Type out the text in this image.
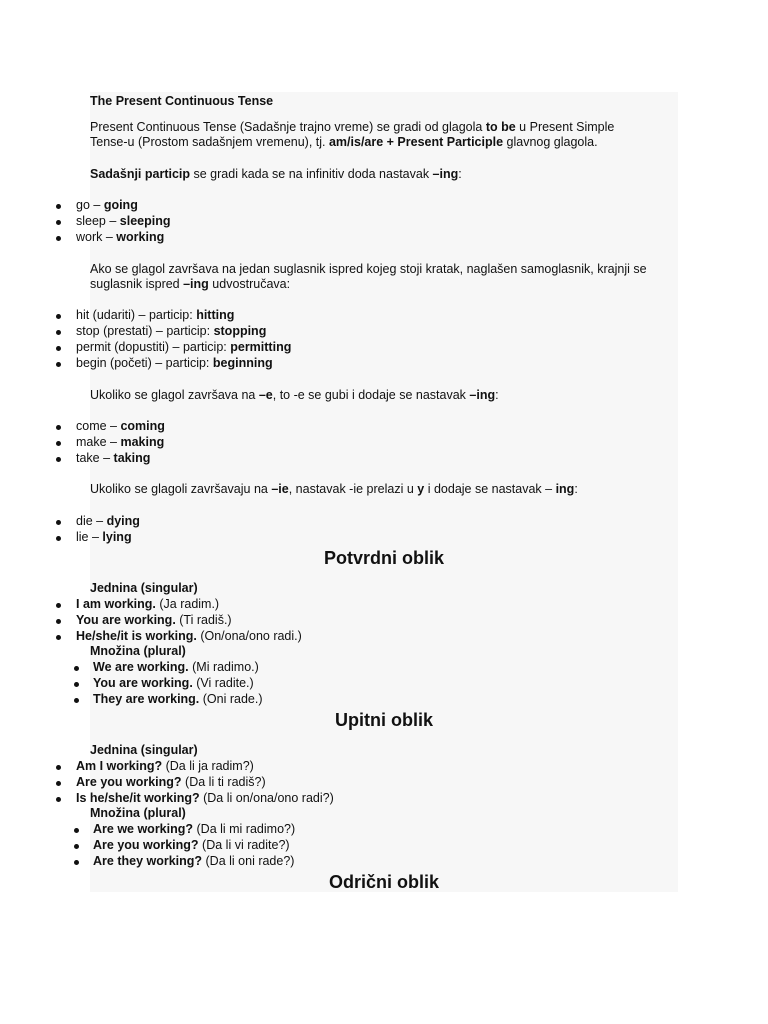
The Present Continuous Tense
Present Continuous Tense (Sadašnje trajno vreme) se gradi od glagola to be u Present Simple
Tense-u (Prostom sadašnjem vremenu), tj. am/is/are + Present Participle glavnog glagola.
Sadašnji particip se gradi kada se na infinitiv doda nastavak –ing:
go – going
sleep – sleeping
work – working
Ako se glagol završava na jedan suglasnik ispred kojeg stoji kratak, naglašen samoglasnik, krajnji se
suglasnik ispred –ing udvostručava:
hit (udariti) – particip: hitting
stop (prestati) – particip: stopping
permit (dopustiti) – particip: permitting
begin (početi) – particip: beginning
Ukoliko se glagol završava na –e, to -e se gubi i dodaje se nastavak –ing:
come – coming
make – making
take – taking
Ukoliko se glagoli završavaju na –ie, nastavak -ie prelazi u y i dodaje se nastavak – ing:
die – dying
lie – lying
Potvrdni oblik
Jednina (singular)
I am working. (Ja radim.)
You are working. (Ti radiš.)
He/she/it is working. (On/ona/ono radi.)
Množina (plural)
We are working. (Mi radimo.)
You are working. (Vi radite.)
They are working. (Oni rade.)
Upitni oblik
Jednina (singular)
Am I working? (Da li ja radim?)
Are you working? (Da li ti radiš?)
Is he/she/it working? (Da li on/ona/ono radi?)
Množina (plural)
Are we working? (Da li mi radimo?)
Are you working? (Da li vi radite?)
Are they working? (Da li oni rade?)
Odrični oblik
